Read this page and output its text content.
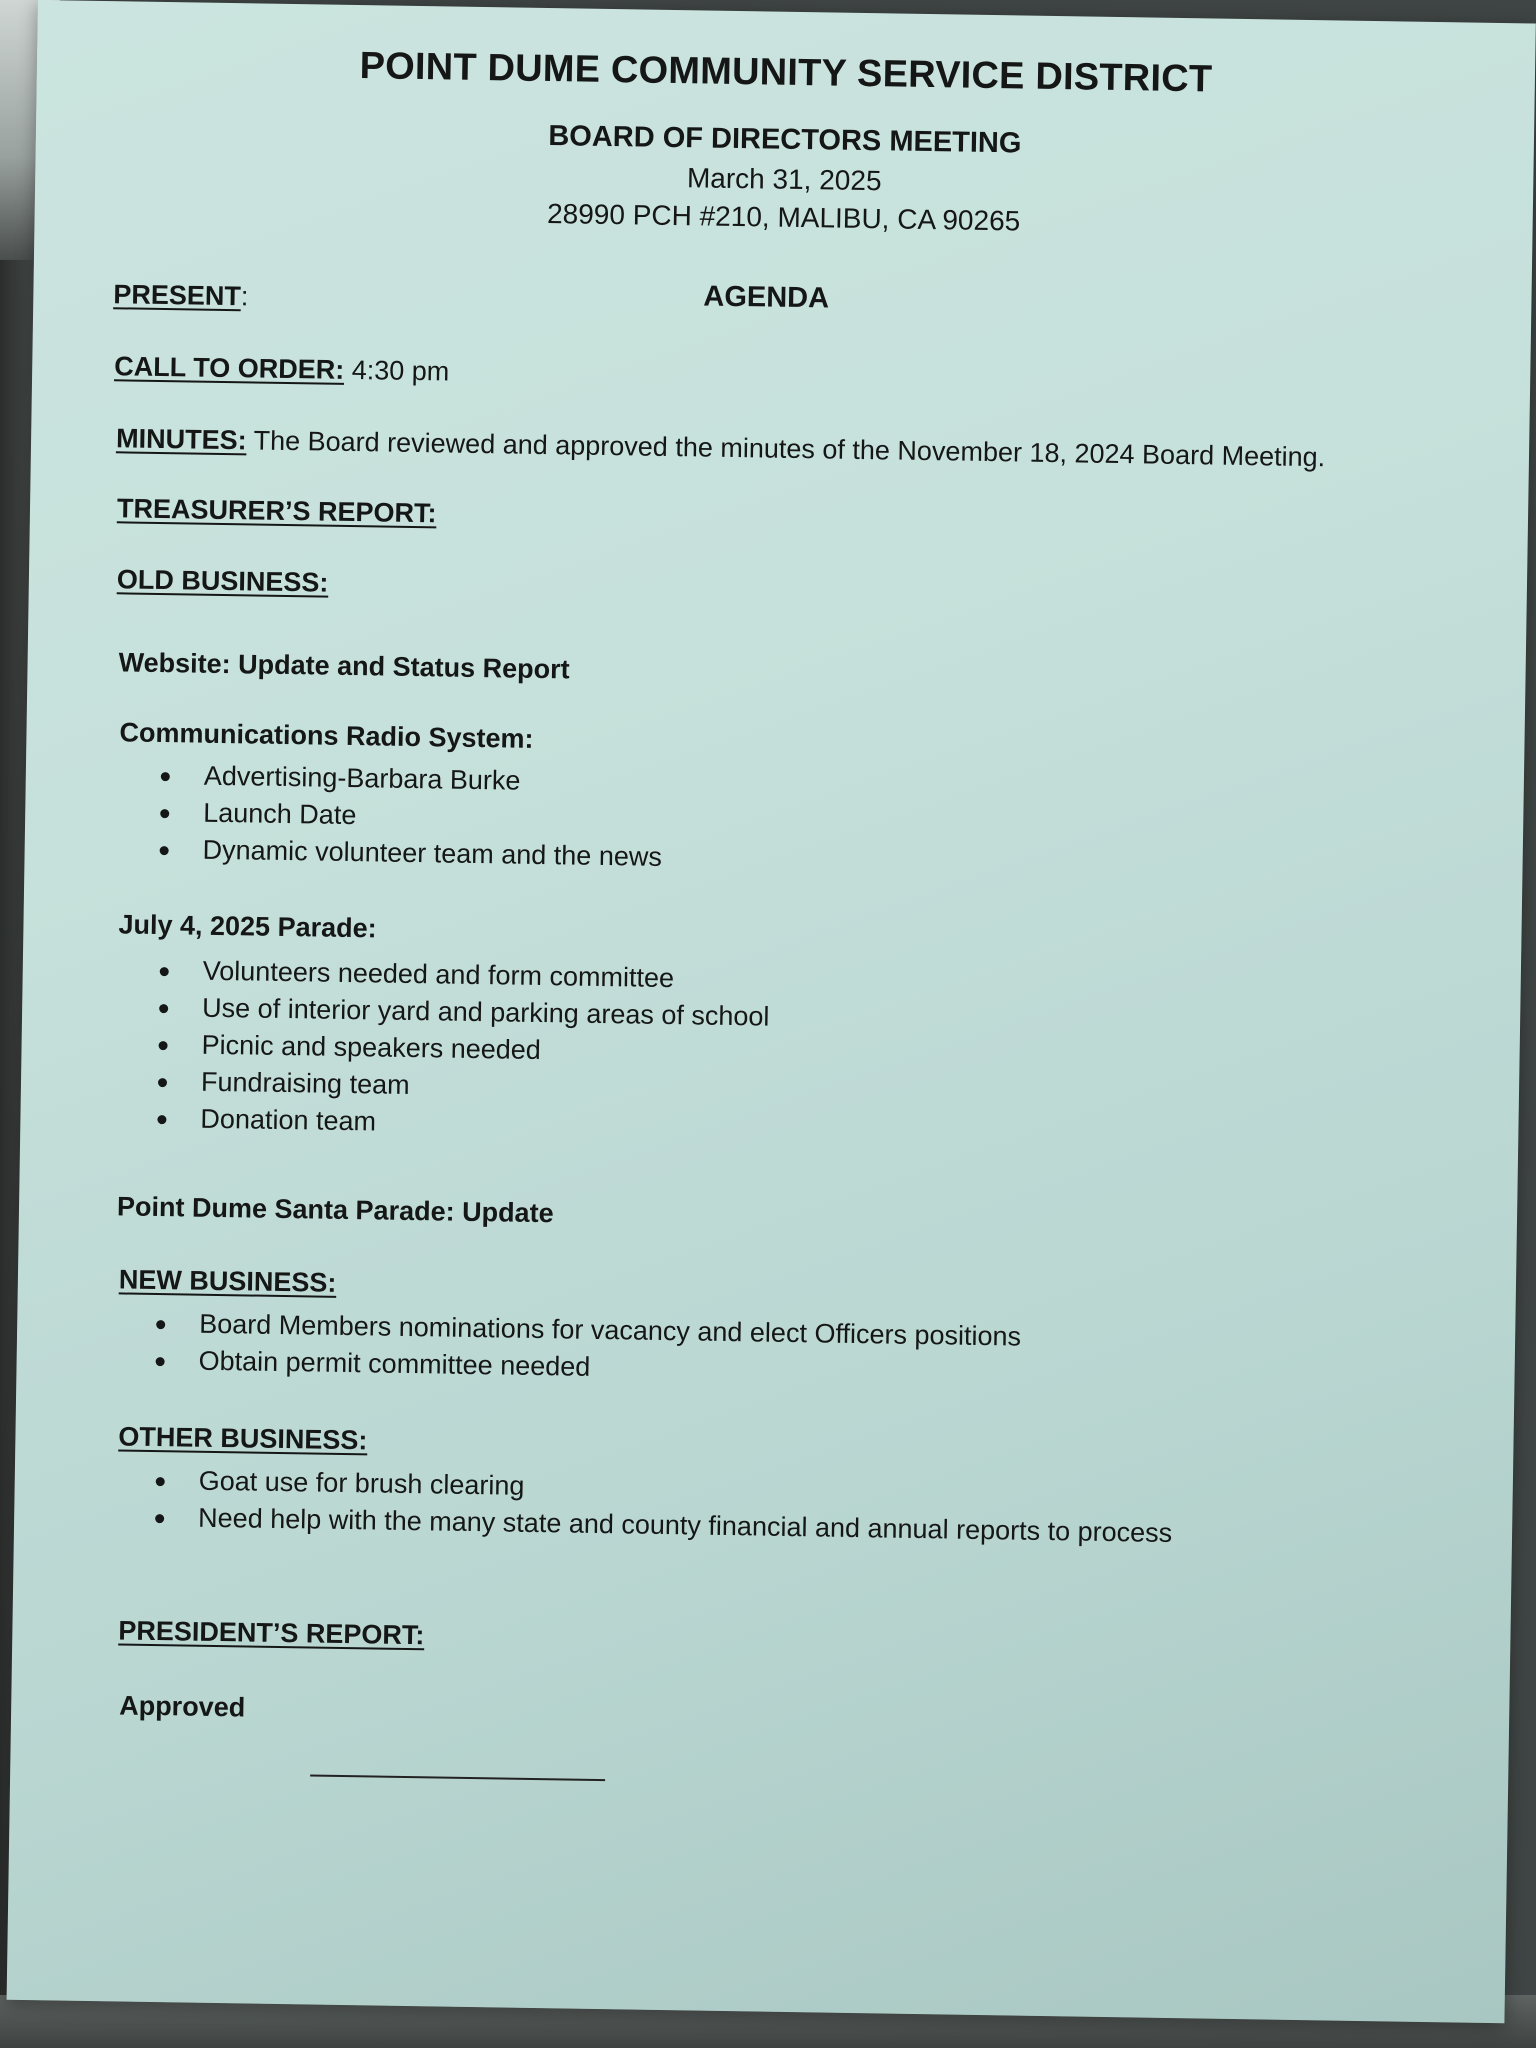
POINT DUME COMMUNITY SERVICE DISTRICT
BOARD OF DIRECTORS MEETING
March 31, 2025
28990 PCH #210, MALIBU, CA 90265
PRESENT:	AGENDA
CALL TO ORDER: 4:30 pm
MINUTES: The Board reviewed and approved the minutes of the November 18, 2024 Board Meeting.
TREASURER’S REPORT:
OLD BUSINESS:
Website: Update and Status Report
Communications Radio System:
Advertising-Barbara Burke
Launch Date
Dynamic volunteer team and the news
July 4, 2025 Parade:
Volunteers needed and form committee
Use of interior yard and parking areas of school
Picnic and speakers needed
Fundraising team
Donation team
Point Dume Santa Parade: Update
NEW BUSINESS:
Board Members nominations for vacancy and elect Officers positions
Obtain permit committee needed
OTHER BUSINESS:
Goat use for brush clearing
Need help with the many state and county financial and annual reports to process
PRESIDENT’S REPORT:
Approved
